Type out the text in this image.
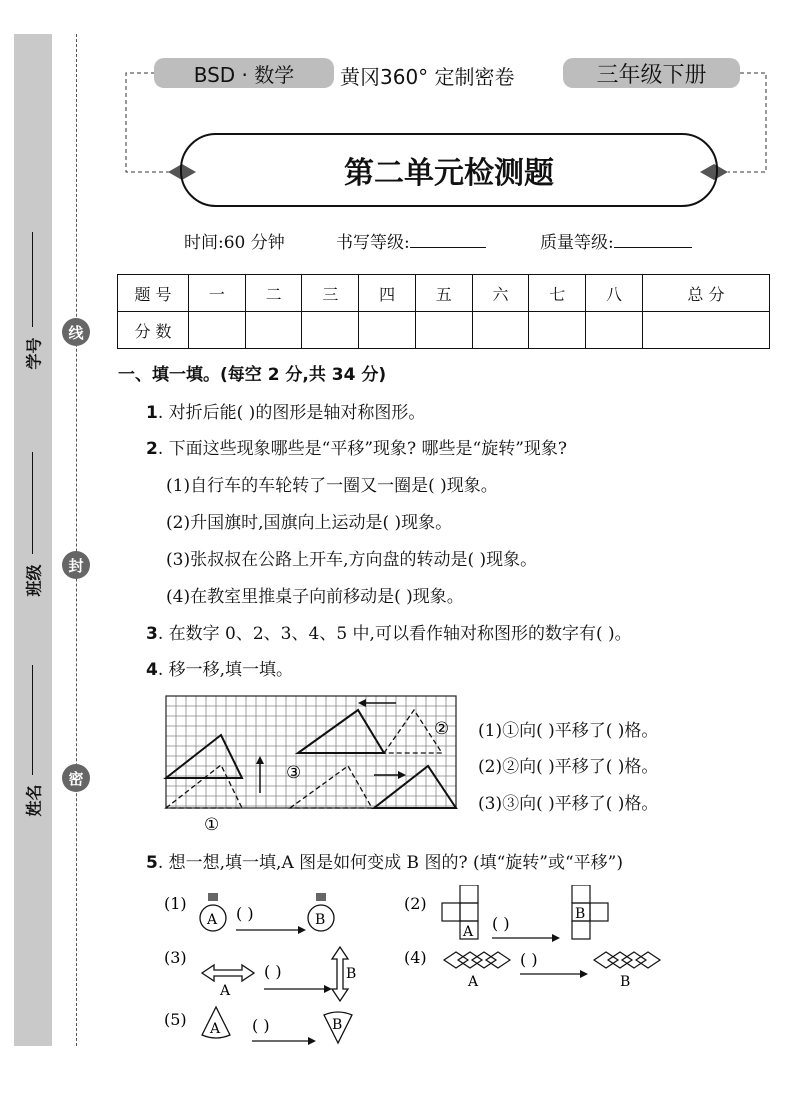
学号
班级
姓名
线
封
密
BSD · 数学	黄冈360° 定制密卷	三年级下册
第二单元检测题
时间:60 分钟	书写等级:	质量等级:
题 号	一	二	三	四	五	六	七	八	总 分
分 数									
一、填一填。(每空 2 分,共 34 分)
1. 对折后能( )的图形是轴对称图形。
2. 下面这些现象哪些是“平移”现象? 哪些是“旋转”现象?
(1)自行车的车轮转了一圈又一圈是( )现象。
(2)升国旗时,国旗向上运动是( )现象。
(3)张叔叔在公路上开车,方向盘的转动是( )现象。
(4)在教室里推桌子向前移动是( )现象。
3. 在数字 0、2、3、4、5 中,可以看作轴对称图形的数字有( )。
4. 移一移,填一填。
①
②
③
(1)①向( )平移了( )格。
(2)②向( )平移了( )格。
(3)③向( )平移了( )格。
5. 想一想,填一填,A 图是如何变成 B 图的? (填“旋转”或“平移”)
(1)
A ( )	B
(2)
A ( )	B
(3)
A
( )	B
(4)
A
( )
B
(5) A ( )	B
